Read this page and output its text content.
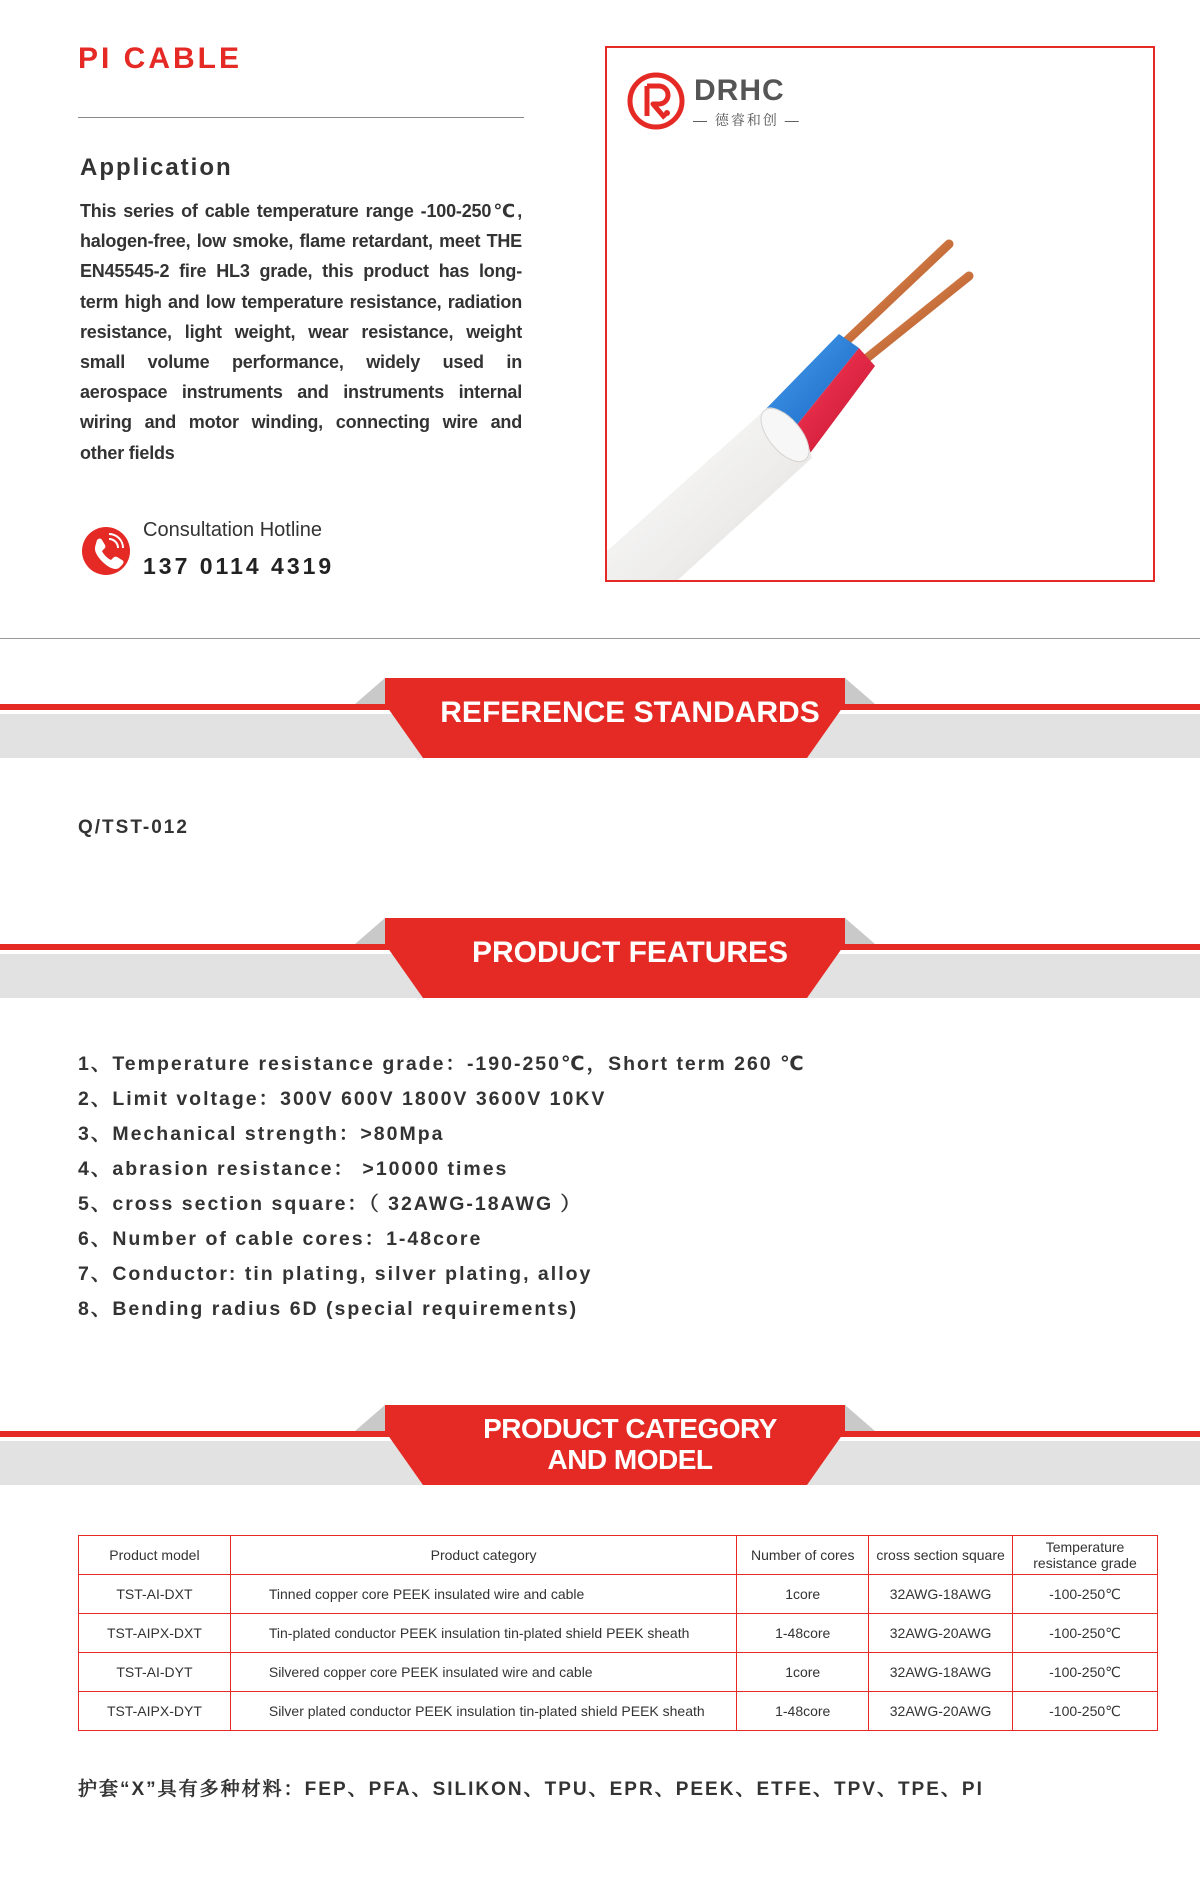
PI CABLE
Application
This series of cable temperature range -100-250℃, halogen-free, low smoke, flame retardant, meet THE EN45545-2 fire HL3 grade, this product has long-term high and low temperature resistance, radiation resistance, light weight, wear resistance, weight small volume performance, widely used in aerospace instruments and instruments internal wiring and motor winding, connecting wire and other fields
Consultation Hotline
137 0114 4319
DRHC
— 德睿和创 —
REFERENCE STANDARDS
Q/TST-012
PRODUCT FEATURES
1、Temperature resistance grade：-190-250℃，Short term 260 ℃
2、Limit voltage：300V 600V 1800V 3600V 10KV
3、Mechanical strength：>80Mpa
4、abrasion resistance： >10000 times
5、cross section square：（ 32AWG-18AWG ）
6、Number of cable cores：1-48core
7、Conductor: tin plating, silver plating, alloy
8、Bending radius 6D (special requirements)
PRODUCT CATEGORY
AND MODEL
Product model	Product category	Number of cores	cross section square	Temperature resistance grade
TST-AI-DXT	Tinned copper core PEEK insulated wire and cable	1core	32AWG-18AWG	-100-250℃
TST-AIPX-DXT	Tin-plated conductor PEEK insulation tin-plated shield PEEK sheath	1-48core	32AWG-20AWG	-100-250℃
TST-AI-DYT	Silvered copper core PEEK insulated wire and cable	1core	32AWG-18AWG	-100-250℃
TST-AIPX-DYT	Silver plated conductor PEEK insulation tin-plated shield PEEK sheath	1-48core	32AWG-20AWG	-100-250℃
护套“X”具有多种材料：FEP、PFA、SILIKON、TPU、EPR、PEEK、ETFE、TPV、TPE、PI
